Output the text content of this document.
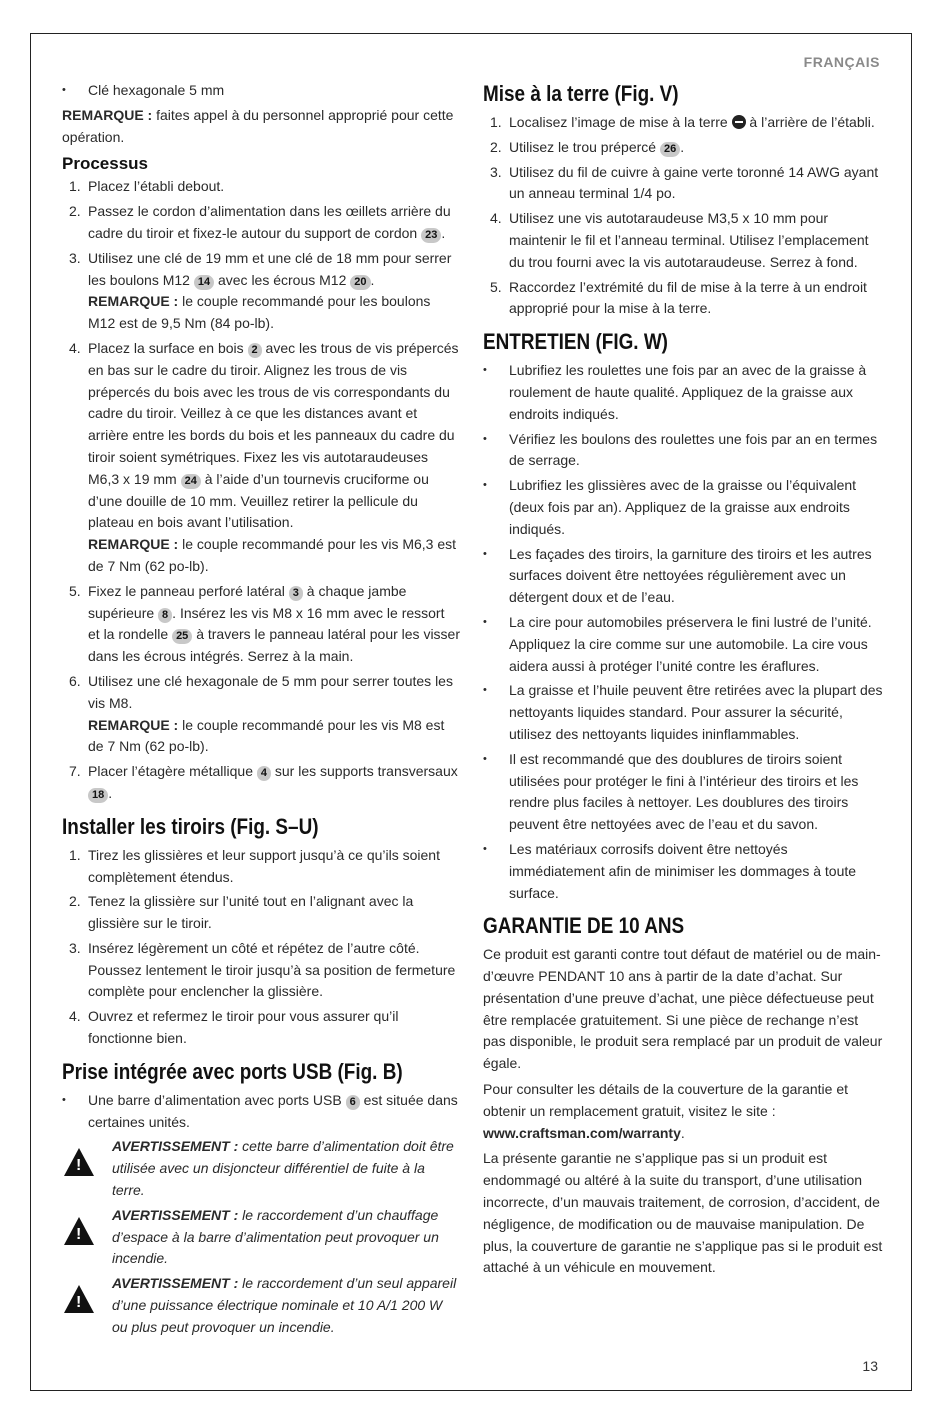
FRANÇAIS
13
• Clé hexagonale 5 mm

REMARQUE : faites appel à du personnel approprié pour cette opération.

Processus
1. Placez l’établi debout.
2. Passez le cordon d’alimentation dans les œillets arrière du cadre du tiroir et fixez-le autour du support de cordon 23 .
3. Utilisez une clé de 19 mm et une clé de 18 mm pour serrer les boulons M12 14 avec les écrous M12 20 .
REMARQUE : le couple recommandé pour les boulons M12 est de 9,5 Nm (84 po-lb).
4. Placez la surface en bois 2 avec les trous de vis prépercés en bas sur le cadre du tiroir. Alignez les trous de vis prépercés du bois avec les trous de vis correspondants du cadre du tiroir. Veillez à ce que les distances avant et arrière entre les bords du bois et les panneaux du cadre du tiroir soient symétriques. Fixez les vis autotaraudeuses M6,3 x 19 mm 24 à l’aide d’un tournevis cruciforme ou d’une douille de 10 mm. Veuillez retirer la pellicule du plateau en bois avant l’utilisation.
REMARQUE : le couple recommandé pour les vis M6,3 est de 7 Nm (62 po-lb).
5. Fixez le panneau perforé latéral 3 à chaque jambe supérieure 8 . Insérez les vis M8 x 16 mm avec le ressort et la rondelle 25 à travers le panneau latéral pour les visser dans les écrous intégrés. Serrez à la main.
6. Utilisez une clé hexagonale de 5 mm pour serrer toutes les vis M8.
REMARQUE : le couple recommandé pour les vis M8 est de 7 Nm (62 po-lb).
7. Placer l’étagère métallique 4 sur les supports transversaux 18 .
Installer les tiroirs (Fig. S–U)
1. Tirez les glissières et leur support jusqu’à ce qu’ils soient complètement étendus.
2. Tenez la glissière sur l’unité tout en l’alignant avec la glissière sur le tiroir.
3. Insérez légèrement un côté et répétez de l’autre côté. Poussez lentement le tiroir jusqu’à sa position de fermeture complète pour enclencher la glissière.
4. Ouvrez et refermez le tiroir pour vous assurer qu’il fonctionne bien.
Prise intégrée avec ports USB (Fig. B)
• Une barre d’alimentation avec ports USB 6 est située dans certaines unités.
!
AVERTISSEMENT : cette barre d’alimentation doit être utilisée avec un disjoncteur différentiel de fuite à la terre.
!
AVERTISSEMENT : le raccordement d’un chauffage d’espace à la barre d’alimentation peut provoquer un incendie.
!
AVERTISSEMENT : le raccordement d’un seul appareil d’une puissance électrique nominale et 10 A/1 200 W ou plus peut provoquer un incendie.
Mise à la terre (Fig. V)
1. Localisez l’image de mise à la terre  à l’arrière de l’établi.
2. Utilisez le trou prépercé 26 .
3. Utilisez du fil de cuivre à gaine verte toronné 14 AWG ayant un anneau terminal 1/4 po.
4. Utilisez une vis autotaraudeuse M3,5 x 10 mm pour maintenir le fil et l’anneau terminal. Utilisez l’emplacement du trou fourni avec la vis autotaraudeuse. Serrez à fond.
5. Raccordez l’extrémité du fil de mise à la terre à un endroit approprié pour la mise à la terre.
ENTRETIEN (FIG. W)
• Lubrifiez les roulettes une fois par an avec de la graisse à roulement de haute qualité. Appliquez de la graisse aux endroits indiqués.
• Vérifiez les boulons des roulettes une fois par an en termes de serrage.
• Lubrifiez les glissières avec de la graisse ou l’équivalent (deux fois par an). Appliquez de la graisse aux endroits indiqués.
• Les façades des tiroirs, la garniture des tiroirs et les autres surfaces doivent être nettoyées régulièrement avec un détergent doux et de l’eau.
• La cire pour automobiles préservera le fini lustré de l’unité. Appliquez la cire comme sur une automobile. La cire vous aidera aussi à protéger l’unité contre les éraflures.
• La graisse et l’huile peuvent être retirées avec la plupart des nettoyants liquides standard. Pour assurer la sécurité, utilisez des nettoyants liquides ininflammables.
• Il est recommandé que des doublures de tiroirs soient utilisées pour protéger le fini à l’intérieur des tiroirs et les rendre plus faciles à nettoyer. Les doublures des tiroirs peuvent être nettoyées avec de l’eau et du savon.
• Les matériaux corrosifs doivent être nettoyés immédiatement afin de minimiser les dommages à toute surface.
GARANTIE DE 10 ANS

Ce produit est garanti contre tout défaut de matériel ou de main-d’œuvre PENDANT 10 ans à partir de la date d’achat. Sur présentation d’une preuve d’achat, une pièce défectueuse peut être remplacée gratuitement. Si une pièce de rechange n’est pas disponible, le produit sera remplacé par un produit de valeur égale.

Pour consulter les détails de la couverture de la garantie et obtenir un remplacement gratuit, visitez le site :
www.craftsman.com/warranty.

La présente garantie ne s’applique pas si un produit est endommagé ou altéré à la suite du transport, d’une utilisation incorrecte, d’un mauvais traitement, de corrosion, d’accident, de négligence, de modification ou de mauvaise manipulation. De plus, la couverture de garantie ne s’applique pas si le produit est attaché à un véhicule en mouvement.
